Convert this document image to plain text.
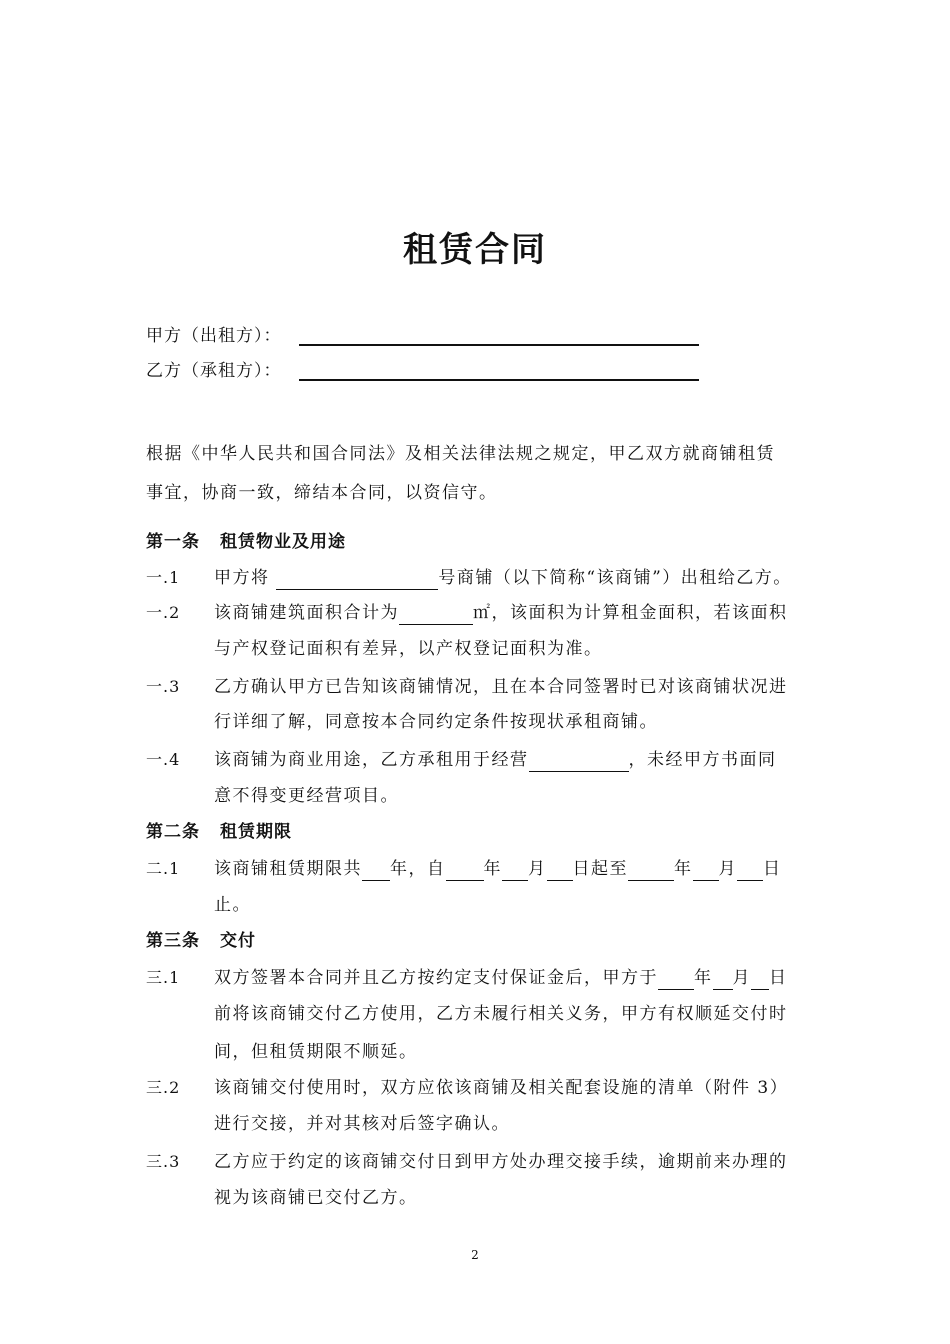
租赁合同
甲方（出租方）：
乙方（承租方）：
根据《中华人民共和国合同法》及相关法律法规之规定，甲乙双方就商铺租赁
事宜，协商一致，缔结本合同，以资信守。
第一条 租赁物业及用途
一.1 甲方将	号商铺（以下简称“该商铺”）出租给乙方。
一.2 该商铺建筑面积合计为	㎡，该面积为计算租金面积，若该面积
与产权登记面积有差异，以产权登记面积为准。
一.3 乙方确认甲方已告知该商铺情况，且在本合同签署时已对该商铺状况进
行详细了解，同意按本合同约定条件按现状承租商铺。
一.4 该商铺为商业用途，乙方承租用于经营	，未经甲方书面同
意不得变更经营项目。
第二条 租赁期限
二.1 该商铺租赁期限共 年，自 年 月 日起至	年 月 日
止。
第三条 交付
三.1 双方签署本合同并且乙方按约定支付保证金后，甲方于 年 月 日
前将该商铺交付乙方使用，乙方未履行相关义务，甲方有权顺延交付时
间，但租赁期限不顺延。
三.2 该商铺交付使用时，双方应依该商铺及相关配套设施的清单（附件 3）
进行交接，并对其核对后签字确认。
三.3 乙方应于约定的该商铺交付日到甲方处办理交接手续，逾期前来办理的
视为该商铺已交付乙方。
2
